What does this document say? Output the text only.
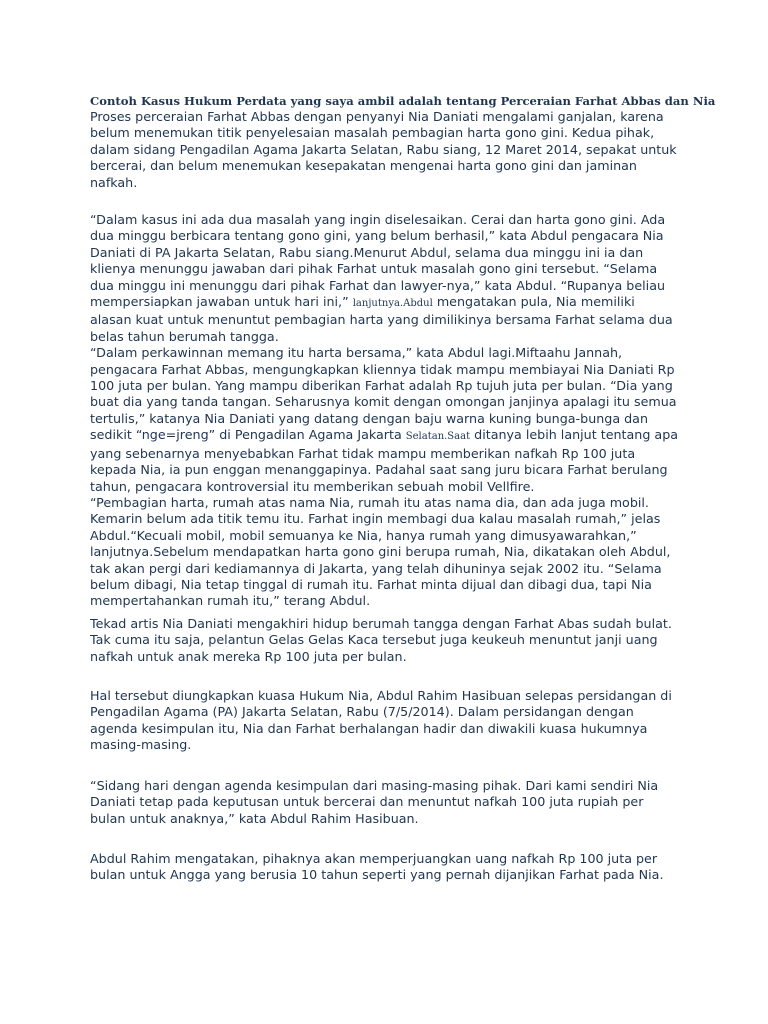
Contoh Kasus Hukum Perdata yang saya ambil adalah tentang Perceraian Farhat Abbas dan Nia
Proses perceraian Farhat Abbas dengan penyanyi Nia Daniati mengalami ganjalan, karena
belum menemukan titik penyelesaian masalah pembagian harta gono gini. Kedua pihak,
dalam sidang Pengadilan Agama Jakarta Selatan, Rabu siang, 12 Maret 2014, sepakat untuk
bercerai, dan belum menemukan kesepakatan mengenai harta gono gini dan jaminan
nafkah.
“Dalam kasus ini ada dua masalah yang ingin diselesaikan. Cerai dan harta gono gini. Ada
dua minggu berbicara tentang gono gini, yang belum berhasil,” kata Abdul pengacara Nia
Daniati di PA Jakarta Selatan, Rabu siang.Menurut Abdul, selama dua minggu ini ia dan
klienya menunggu jawaban dari pihak Farhat untuk masalah gono gini tersebut. “Selama
dua minggu ini menunggu dari pihak Farhat dan lawyer-nya,” kata Abdul. “Rupanya beliau
mempersiapkan jawaban untuk hari ini,” lanjutnya.Abdul mengatakan pula, Nia memiliki
alasan kuat untuk menuntut pembagian harta yang dimilikinya bersama Farhat selama dua
belas tahun berumah tangga.
“Dalam perkawinnan memang itu harta bersama,” kata Abdul lagi.Miftaahu Jannah,
pengacara Farhat Abbas, mengungkapkan kliennya tidak mampu membiayai Nia Daniati Rp
100 juta per bulan. Yang mampu diberikan Farhat adalah Rp tujuh juta per bulan. “Dia yang
buat dia yang tanda tangan. Seharusnya komit dengan omongan janjinya apalagi itu semua
tertulis,” katanya Nia Daniati yang datang dengan baju warna kuning bunga-bunga dan
sedikit “nge=jreng” di Pengadilan Agama Jakarta Selatan.Saat ditanya lebih lanjut tentang apa
yang sebenarnya menyebabkan Farhat tidak mampu memberikan nafkah Rp 100 juta
kepada Nia, ia pun enggan menanggapinya. Padahal saat sang juru bicara Farhat berulang
tahun, pengacara kontroversial itu memberikan sebuah mobil Vellfire.
“Pembagian harta, rumah atas nama Nia, rumah itu atas nama dia, dan ada juga mobil.
Kemarin belum ada titik temu itu. Farhat ingin membagi dua kalau masalah rumah,” jelas
Abdul.“Kecuali mobil, mobil semuanya ke Nia, hanya rumah yang dimusyawarahkan,”
lanjutnya.Sebelum mendapatkan harta gono gini berupa rumah, Nia, dikatakan oleh Abdul,
tak akan pergi dari kediamannya di Jakarta, yang telah dihuninya sejak 2002 itu. “Selama
belum dibagi, Nia tetap tinggal di rumah itu. Farhat minta dijual dan dibagi dua, tapi Nia
mempertahankan rumah itu,” terang Abdul.
Tekad artis Nia Daniati mengakhiri hidup berumah tangga dengan Farhat Abas sudah bulat.
Tak cuma itu saja, pelantun Gelas Gelas Kaca tersebut juga keukeuh menuntut janji uang
nafkah untuk anak mereka Rp 100 juta per bulan.
Hal tersebut diungkapkan kuasa Hukum Nia, Abdul Rahim Hasibuan selepas persidangan di
Pengadilan Agama (PA) Jakarta Selatan, Rabu (7/5/2014). Dalam persidangan dengan
agenda kesimpulan itu, Nia dan Farhat berhalangan hadir dan diwakili kuasa hukumnya
masing-masing.
“Sidang hari dengan agenda kesimpulan dari masing-masing pihak. Dari kami sendiri Nia
Daniati tetap pada keputusan untuk bercerai dan menuntut nafkah 100 juta rupiah per
bulan untuk anaknya,” kata Abdul Rahim Hasibuan.
Abdul Rahim mengatakan, pihaknya akan memperjuangkan uang nafkah Rp 100 juta per
bulan untuk Angga yang berusia 10 tahun seperti yang pernah dijanjikan Farhat pada Nia.
